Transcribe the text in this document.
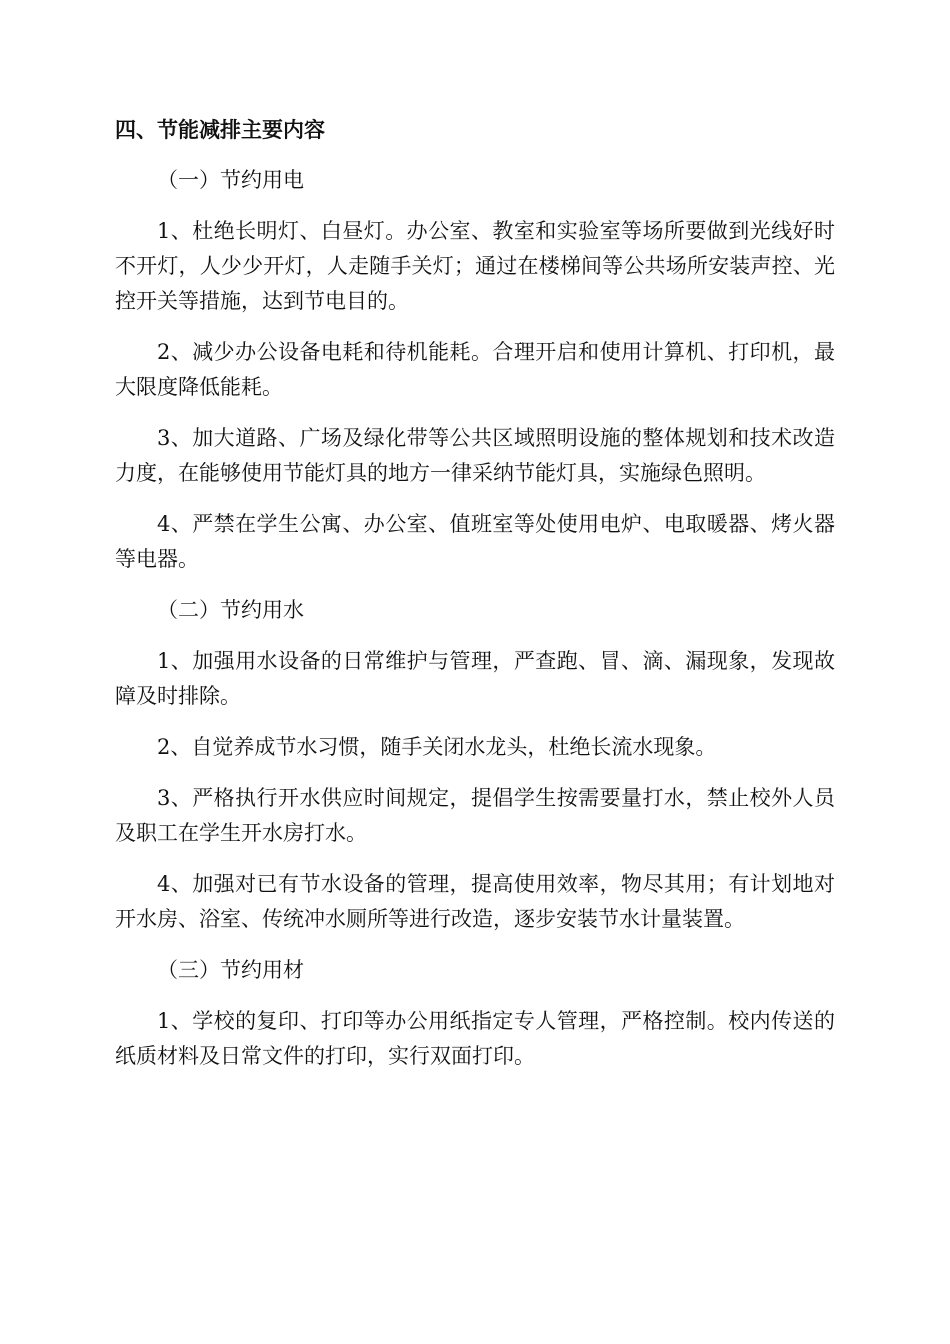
四、节能减排主要内容
（一）节约用电

1、杜绝长明灯、白昼灯。办公室、教室和实验室等场所要做到光线好时不开灯，人少少开灯，人走随手关灯；通过在楼梯间等公共场所安装声控、光控开关等措施，达到节电目的。

2、减少办公设备电耗和待机能耗。合理开启和使用计算机、打印机，最大限度降低能耗。

3、加大道路、广场及绿化带等公共区域照明设施的整体规划和技术改造力度，在能够使用节能灯具的地方一律采纳节能灯具，实施绿色照明。

4、严禁在学生公寓、办公室、值班室等处使用电炉、电取暖器、烤火器等电器。

（二）节约用水

1、加强用水设备的日常维护与管理，严查跑、冒、滴、漏现象，发现故障及时排除。

2、自觉养成节水习惯，随手关闭水龙头，杜绝长流水现象。

3、严格执行开水供应时间规定，提倡学生按需要量打水，禁止校外人员及职工在学生开水房打水。

4、加强对已有节水设备的管理，提高使用效率，物尽其用；有计划地对开水房、浴室、传统冲水厕所等进行改造，逐步安装节水计量装置。

（三）节约用材

1、学校的复印、打印等办公用纸指定专人管理，严格控制。校内传送的纸质材料及日常文件的打印，实行双面打印。
